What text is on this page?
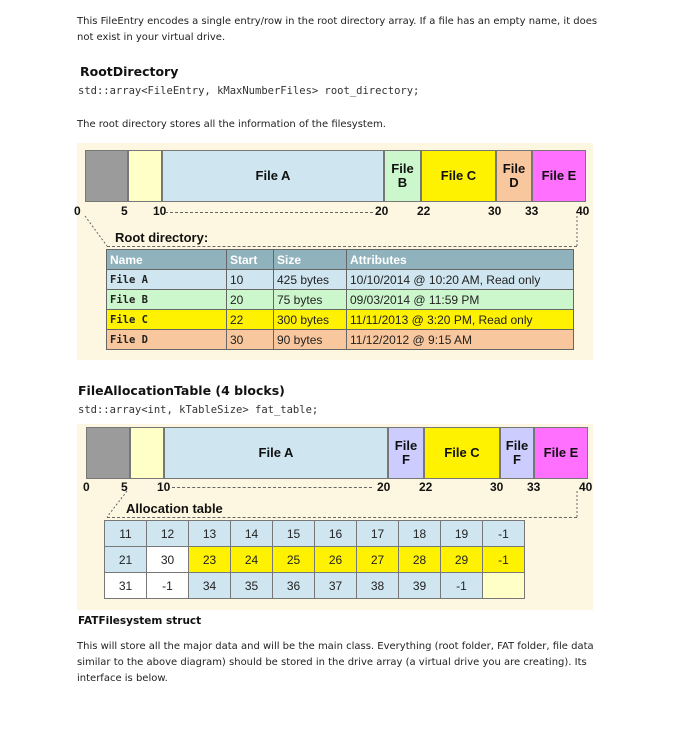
This FileEntry encodes a single entry/row in the root directory array. If a file has an empty name, it does
not exist in your virtual drive.
RootDirectory
std::array<FileEntry, kMaxNumberFiles> root_directory;
The root directory stores all the information of the filesystem.
File A	File B	File C	File D	File E
0	5 10	20 22	30 33	40
Root directory:
Name	Start	Size	Attributes
File A	10	425 bytes	10/10/2014 @ 10:20 AM, Read only
File B	20	75 bytes	09/03/2014 @ 11:59 PM
File C	22	300 bytes	11/11/2013 @ 3:20 PM, Read only
File D	30	90 bytes	11/12/2012 @ 9:15 AM
FileAllocationTable (4 blocks)
std::array<int, kTableSize> fat_table;
File A	File F	File C	File F	File E
0	5 10	20 22	30 33	40
Allocation table
11	12	13	14	15	16	17	18	19	-1
21	30	23	24	25	26	27	28	29	-1
31	-1	34	35	36	37	38	39	-1	
FATFilesystem struct
This will store all the major data and will be the main class. Everything (root folder, FAT folder, file data
similar to the above diagram) should be stored in the drive array (a virtual drive you are creating). Its
interface is below.
